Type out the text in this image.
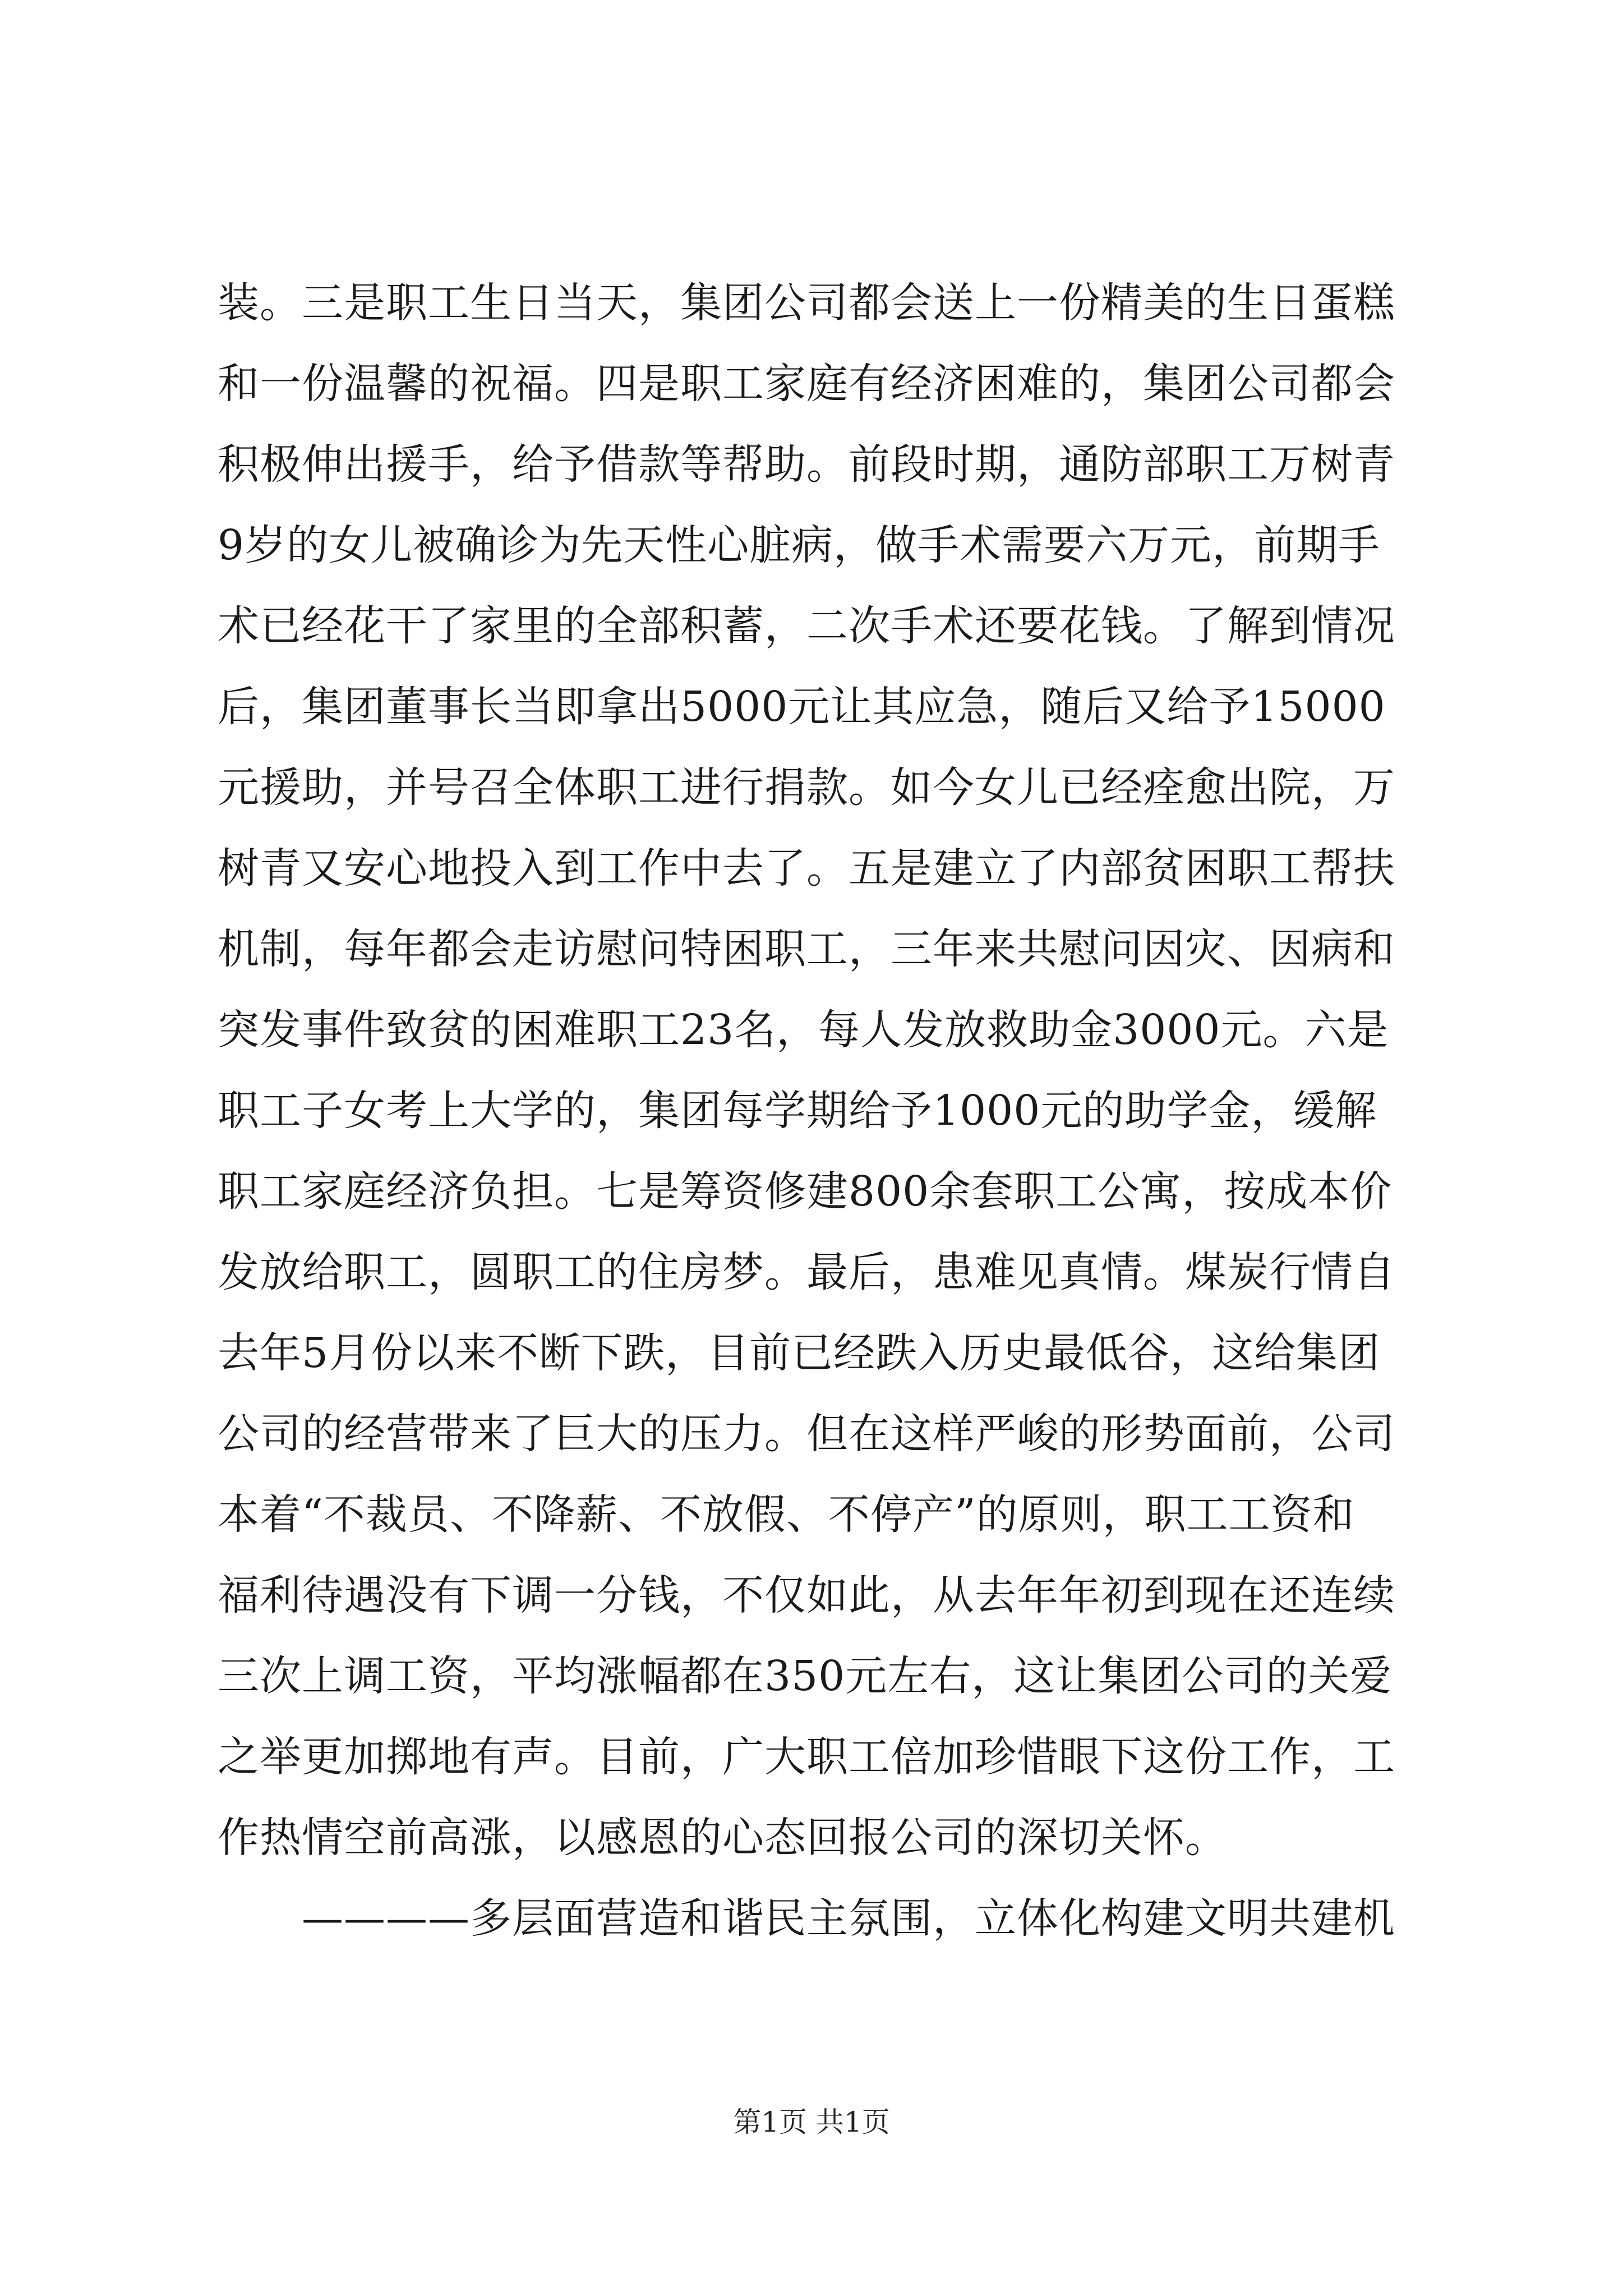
装。三是职工生日当天，集团公司都会送上一份精美的生日蛋糕
和一份温馨的祝福。四是职工家庭有经济困难的，集团公司都会
积极伸出援手，给予借款等帮助。前段时期，通防部职工万树青
9岁的女儿被确诊为先天性心脏病，做手术需要六万元，前期手
术已经花干了家里的全部积蓄，二次手术还要花钱。了解到情况
后，集团董事长当即拿出5000元让其应急，随后又给予15000
元援助，并号召全体职工进行捐款。如今女儿已经痊愈出院，万
树青又安心地投入到工作中去了。五是建立了内部贫困职工帮扶
机制，每年都会走访慰问特困职工，三年来共慰问因灾、因病和
突发事件致贫的困难职工23名，每人发放救助金3000元。六是
职工子女考上大学的，集团每学期给予1000元的助学金，缓解
职工家庭经济负担。七是筹资修建800余套职工公寓，按成本价
发放给职工，圆职工的住房梦。最后，患难见真情。煤炭行情自
去年5月份以来不断下跌，目前已经跌入历史最低谷，这给集团
公司的经营带来了巨大的压力。但在这样严峻的形势面前，公司
本着“不裁员、不降薪、不放假、不停产”的原则，职工工资和
福利待遇没有下调一分钱，不仅如此，从去年年初到现在还连续
三次上调工资，平均涨幅都在350元左右，这让集团公司的关爱
之举更加掷地有声。目前，广大职工倍加珍惜眼下这份工作，工
作热情空前高涨，以感恩的心态回报公司的深切关怀。
————多层面营造和谐民主氛围，立体化构建文明共建机
第1页 共1页
